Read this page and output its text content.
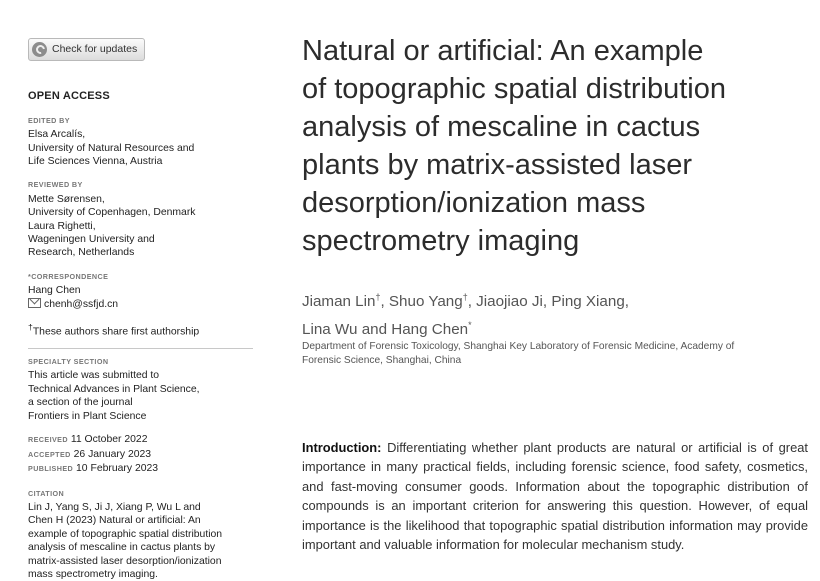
Check for updates
OPEN ACCESS
EDITED BY
Elsa Arcalís,
University of Natural Resources and
Life Sciences Vienna, Austria
REVIEWED BY
Mette Sørensen,
University of Copenhagen, Denmark
Laura Righetti,
Wageningen University and
Research, Netherlands
*CORRESPONDENCE
Hang Chen
chenh@ssfjd.cn
†These authors share first authorship
SPECIALTY SECTION
This article was submitted to
Technical Advances in Plant Science,
a section of the journal
Frontiers in Plant Science
RECEIVED 11 October 2022
ACCEPTED 26 January 2023
PUBLISHED 10 February 2023
CITATION
Lin J, Yang S, Ji J, Xiang P, Wu L and
Chen H (2023) Natural or artificial: An
example of topographic spatial distribution
analysis of mescaline in cactus plants by
matrix-assisted laser desorption/ionization
mass spectrometry imaging.
Natural or artificial: An example
of topographic spatial distribution
analysis of mescaline in cactus
plants by matrix-assisted laser
desorption/ionization mass
spectrometry imaging
Jiaman Lin†, Shuo Yang†, Jiaojiao Ji, Ping Xiang,
Lina Wu and Hang Chen*
Department of Forensic Toxicology, Shanghai Key Laboratory of Forensic Medicine, Academy of
Forensic Science, Shanghai, China

Introduction: Differentiating whether plant products are natural or artificial is of great importance in many practical fields, including forensic science, food safety, cosmetics, and fast-moving consumer goods. Information about the topographic distribution of compounds is an important criterion for answering this question. However, of equal importance is the likelihood that topographic spatial distribution information may provide important and valuable information for molecular mechanism study.
